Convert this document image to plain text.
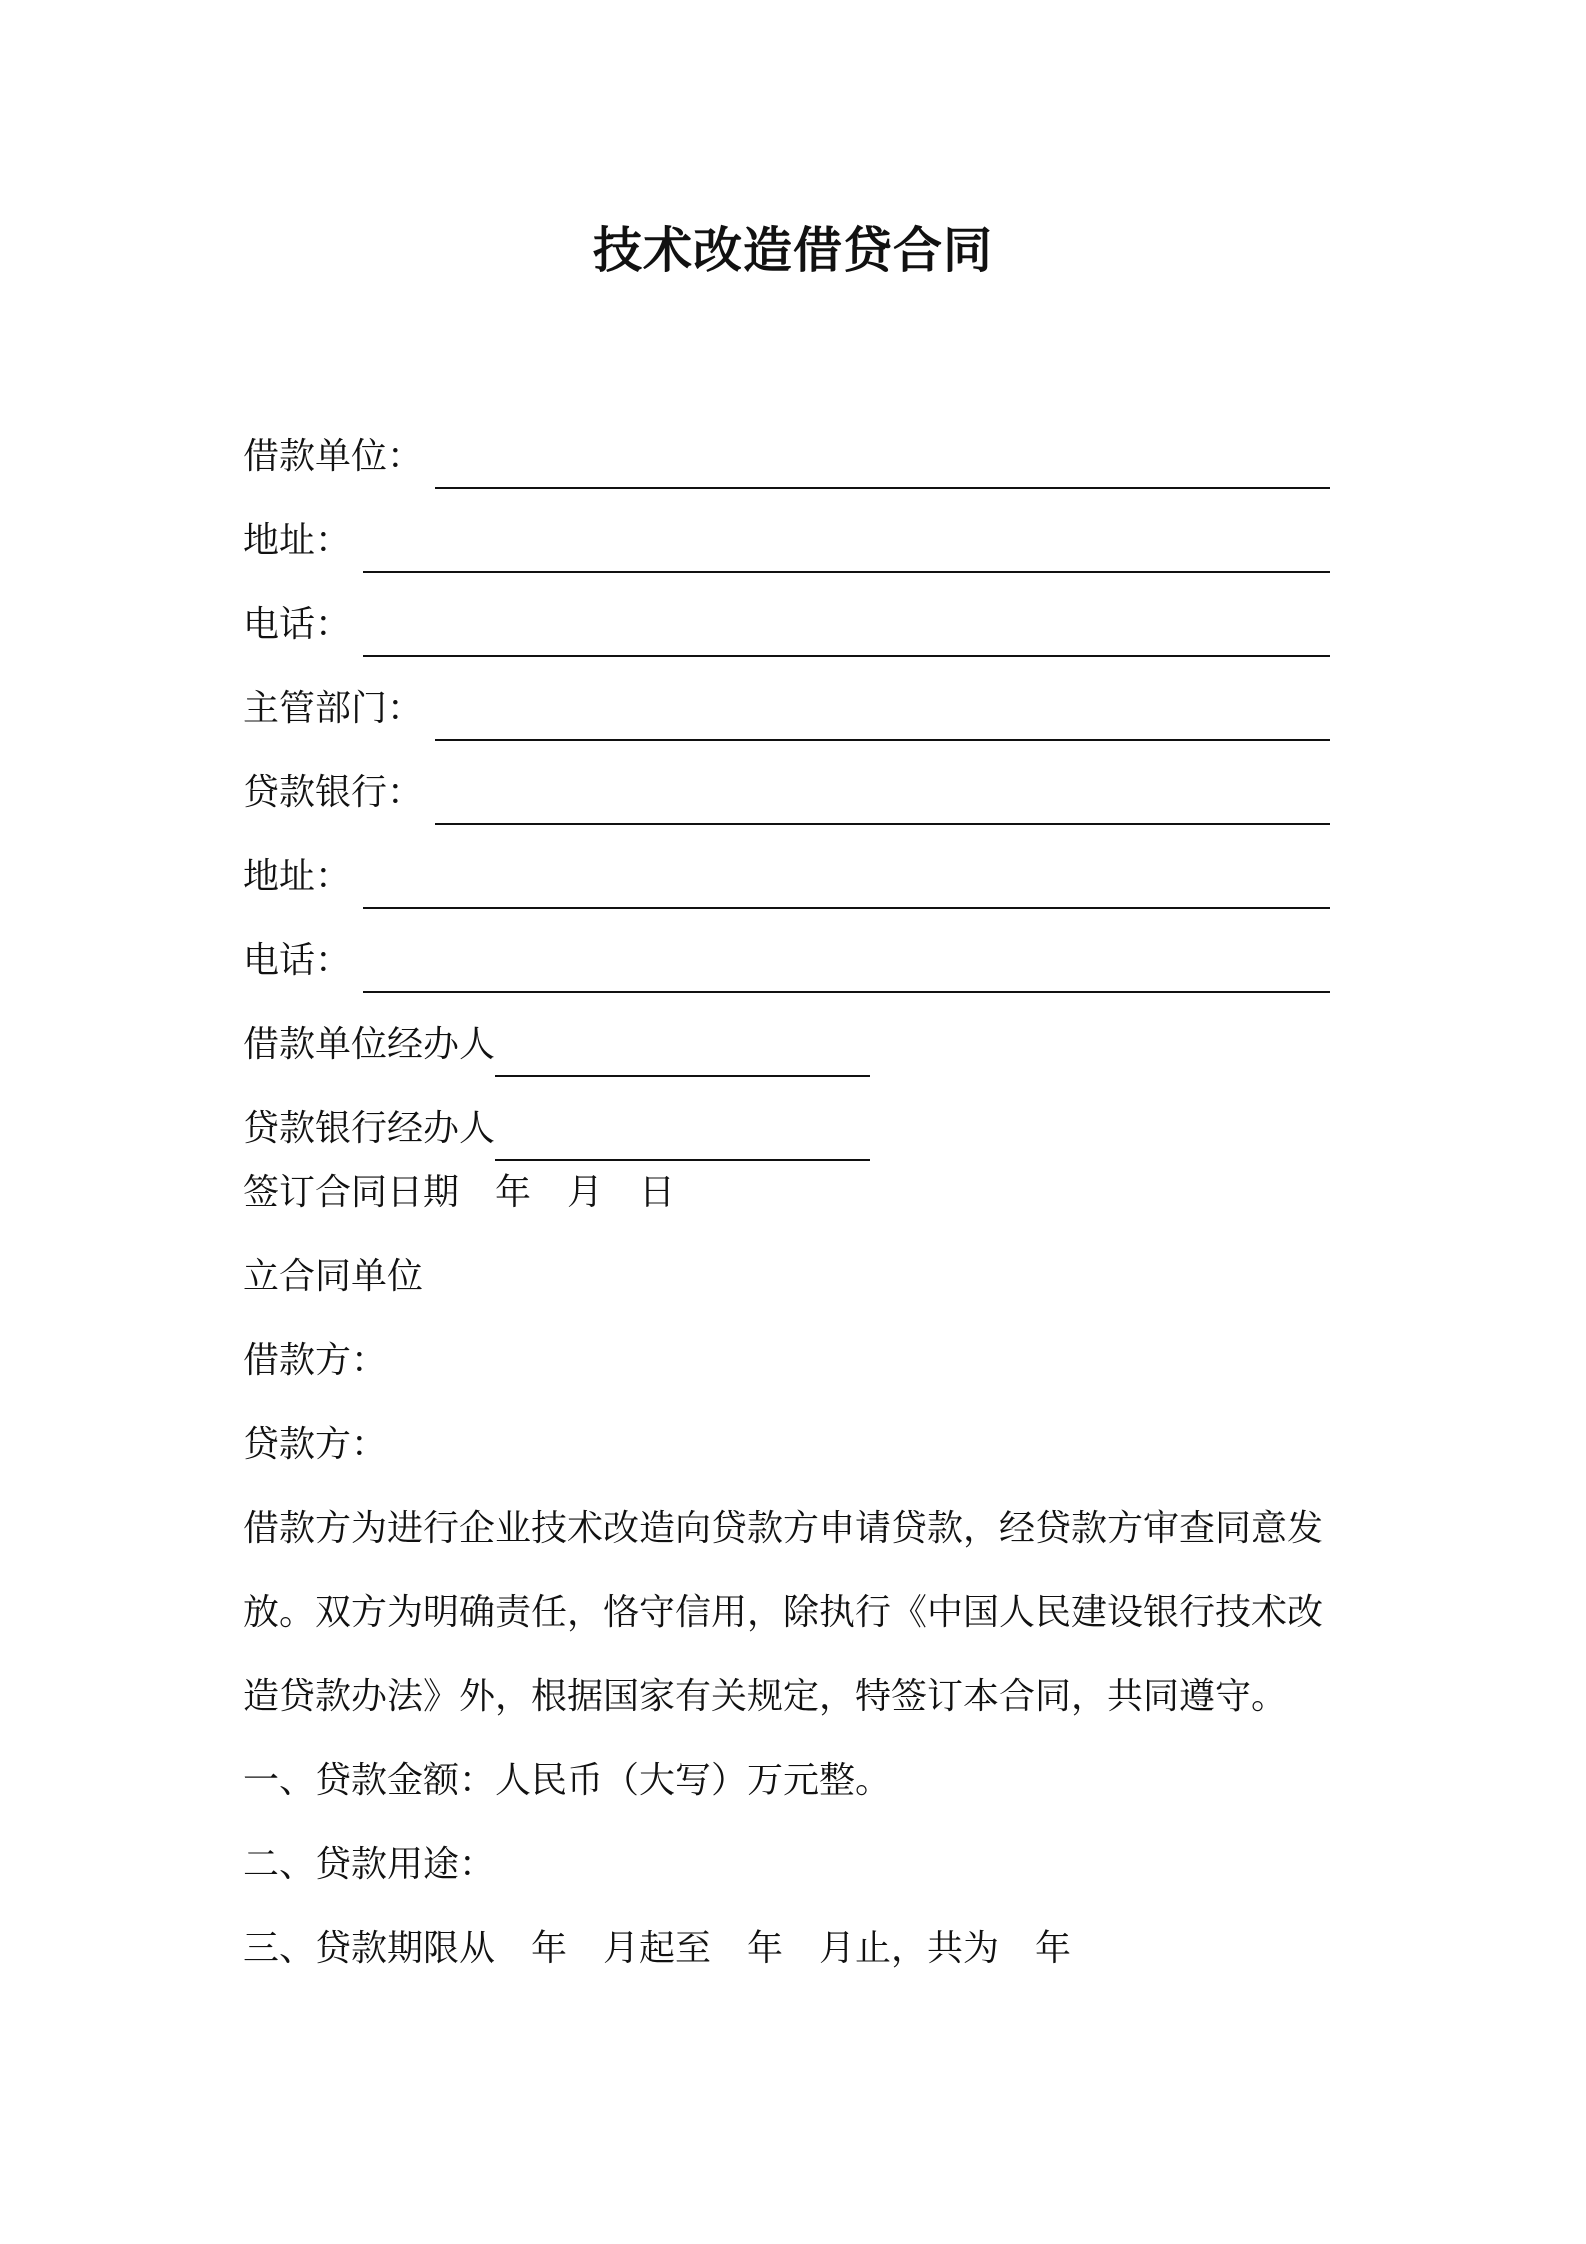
技术改造借贷合同
借款单位：
地址：
电话：
主管部门：
贷款银行：
地址：
电话：
借款单位经办人
贷款银行经办人
签订合同日期　年　月　日
立合同单位
借款方：
贷款方：
借款方为进行企业技术改造向贷款方申请贷款，经贷款方审查同意发
放。双方为明确责任，恪守信用，除执行《中国人民建设银行技术改
造贷款办法》外，根据国家有关规定，特签订本合同，共同遵守。
一、贷款金额：人民币（大写）万元整。
二、贷款用途：
三、贷款期限从　年　月起至　年　月止，共为　年
